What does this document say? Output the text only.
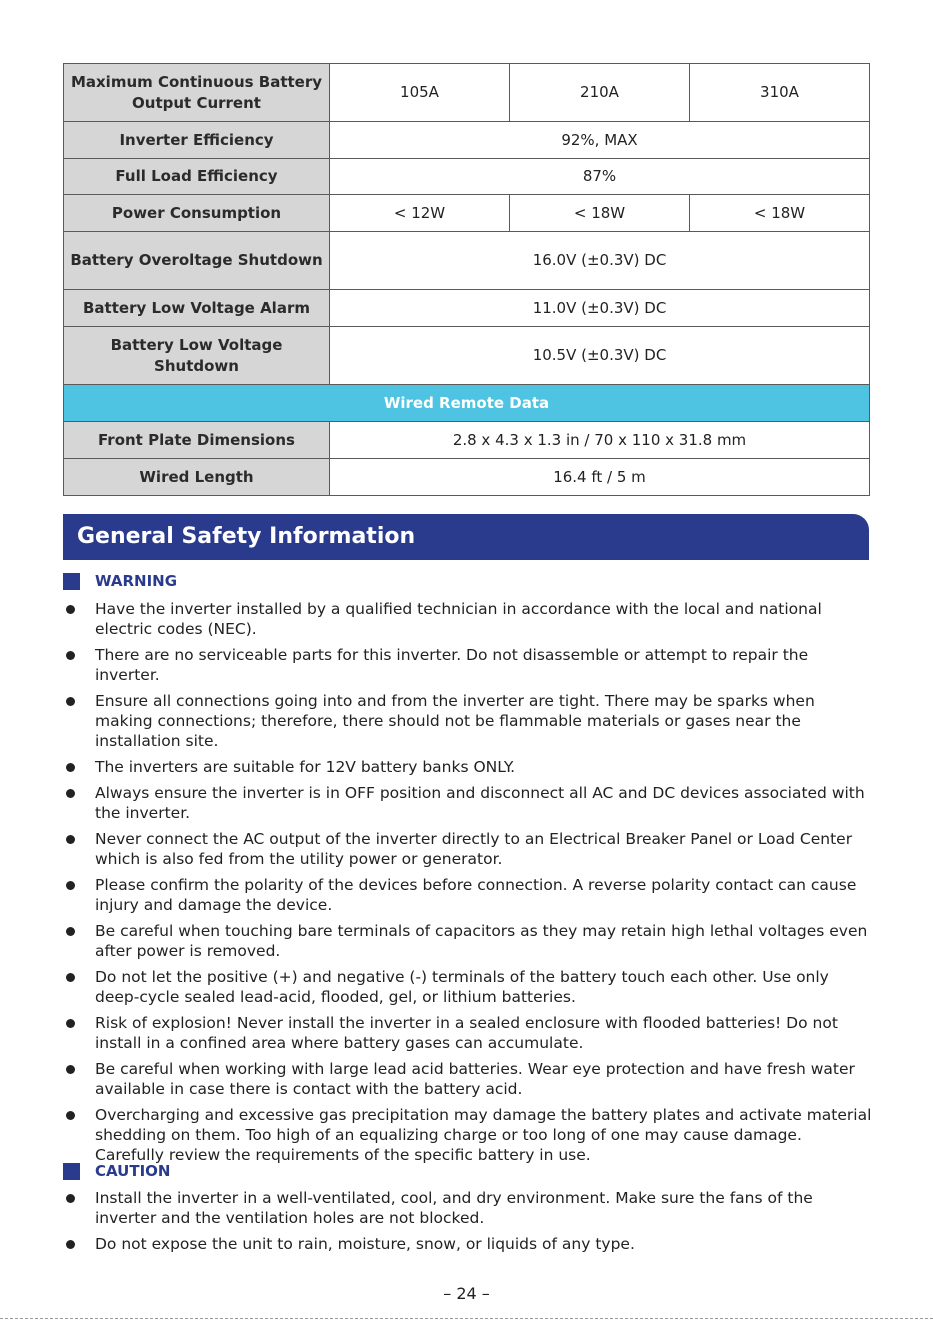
Maximum Continuous Battery Output Current	105A	210A	310A
Inverter Efficiency	92%, MAX		
Full Load Efficiency	87%		
Power Consumption	< 12W	< 18W	< 18W
Battery Overoltage Shutdown	16.0V (±0.3V) DC		
Battery Low Voltage Alarm	11.0V (±0.3V) DC		
Battery Low Voltage Shutdown	10.5V (±0.3V) DC		
Wired Remote Data			
Front Plate Dimensions	2.8 x 4.3 x 1.3 in / 70 x 110 x 31.8 mm		
Wired Length	16.4 ft / 5 m		
General Safety Information
WARNING
Have the inverter installed by a qualified technician in accordance with the local and national electric codes (NEC).
There are no serviceable parts for this inverter. Do not disassemble or attempt to repair the inverter.
Ensure all connections going into and from the inverter are tight. There may be sparks when making connections; therefore, there should not be flammable materials or gases near the installation site.
The inverters are suitable for 12V battery banks ONLY.
Always ensure the inverter is in OFF position and disconnect all AC and DC devices associated with the inverter.
Never connect the AC output of the inverter directly to an Electrical Breaker Panel or Load Center which is also fed from the utility power or generator.
Please confirm the polarity of the devices before connection. A reverse polarity contact can cause injury and damage the device.
Be careful when touching bare terminals of capacitors as they may retain high lethal voltages even after power is removed.
Do not let the positive (+) and negative (-) terminals of the battery touch each other. Use only deep-cycle sealed lead-acid, flooded, gel, or lithium batteries.
Risk of explosion! Never install the inverter in a sealed enclosure with flooded batteries! Do not install in a confined area where battery gases can accumulate.
Be careful when working with large lead acid batteries. Wear eye protection and have fresh water available in case there is contact with the battery acid.
Overcharging and excessive gas precipitation may damage the battery plates and activate material shedding on them. Too high of an equalizing charge or too long of one may cause damage. Carefully review the requirements of the specific battery in use.
CAUTION
Install the inverter in a well-ventilated, cool, and dry environment. Make sure the fans of the inverter and the ventilation holes are not blocked.
Do not expose the unit to rain, moisture, snow, or liquids of any type.
– 24 –
